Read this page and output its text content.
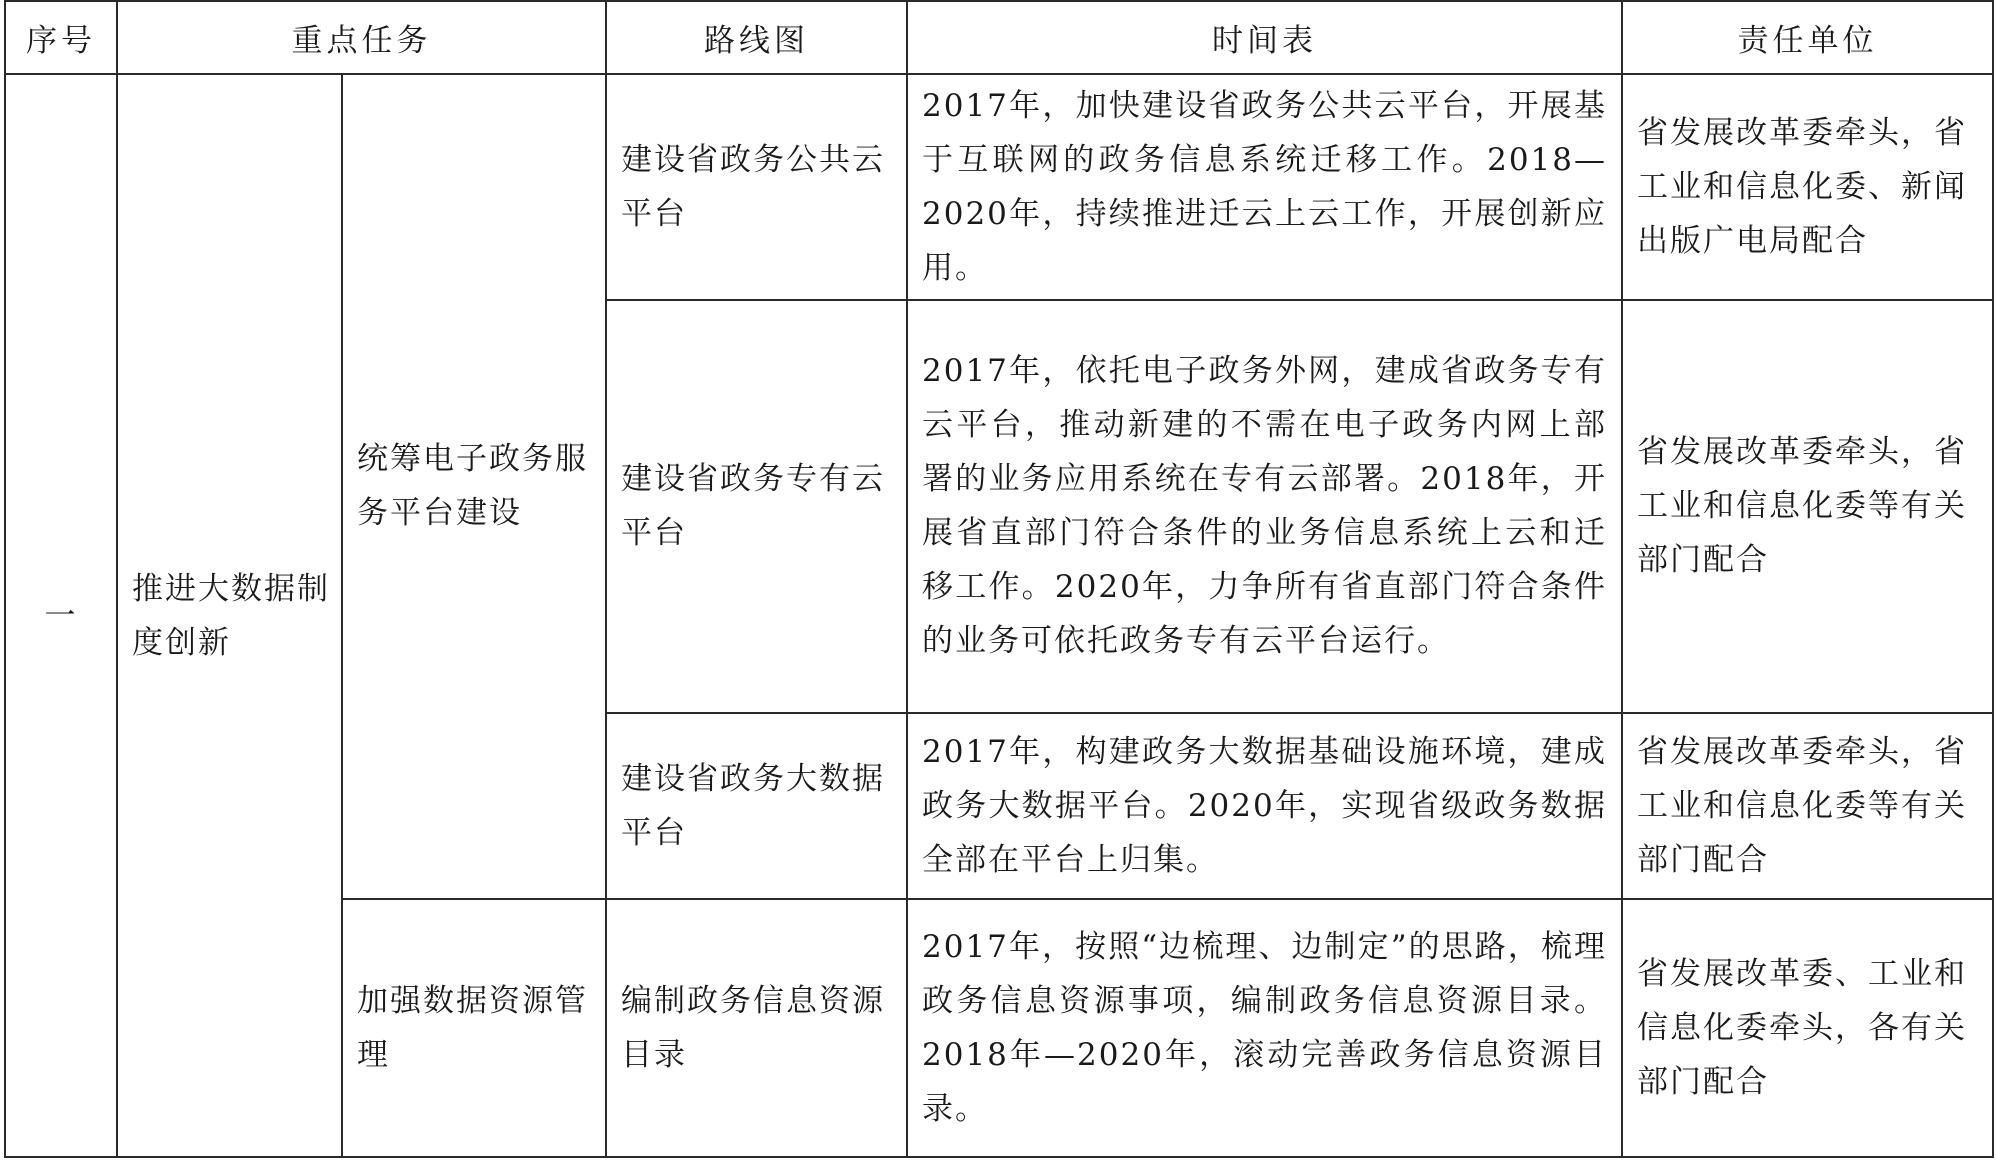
序号	重点任务		路线图	时间表	责任单位
一	推进大数据制度创新	统筹电子政务服务平台建设	建设省政务公共云平台	2017年，加快建设省政务公共云平台，开展基于互联网的政务信息系统迁移工作。2018—2020年，持续推进迁云上云工作，开展创新应用。	省发展改革委牵头，省工业和信息化委、新闻出版广电局配合
			建设省政务专有云平台	2017年，依托电子政务外网，建成省政务专有云平台，推动新建的不需在电子政务内网上部署的业务应用系统在专有云部署。2018年，开展省直部门符合条件的业务信息系统上云和迁移工作。2020年，力争所有省直部门符合条件的业务可依托政务专有云平台运行。	省发展改革委牵头，省工业和信息化委等有关部门配合
			建设省政务大数据平台	2017年，构建政务大数据基础设施环境，建成政务大数据平台。2020年，实现省级政务数据全部在平台上归集。	省发展改革委牵头，省工业和信息化委等有关部门配合
		加强数据资源管理	编制政务信息资源目录	2017年，按照“边梳理、边制定”的思路，梳理政务信息资源事项，编制政务信息资源目录。2018年—2020年，滚动完善政务信息资源目录。	省发展改革委、工业和信息化委牵头，各有关部门配合
